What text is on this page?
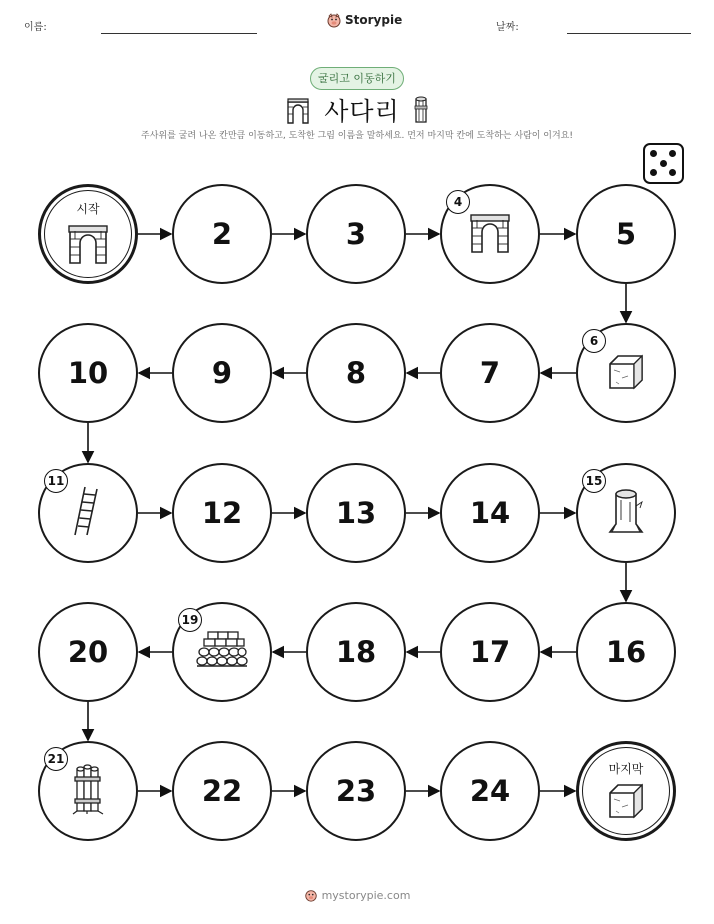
이름:
Storypie
날짜:
굴리고 이동하기
사다리
주사위를 굴려 나온 칸만큼 이동하고, 도착한 그림 이름을 말하세요. 먼저 마지막 칸에 도착하는 사람이 이겨요!
시작
2	3
4
5
6
7
8
9
10
11
12	13	14
15
16
17
18
19
20
21
22	23	24
마지막
mystorypie.com
